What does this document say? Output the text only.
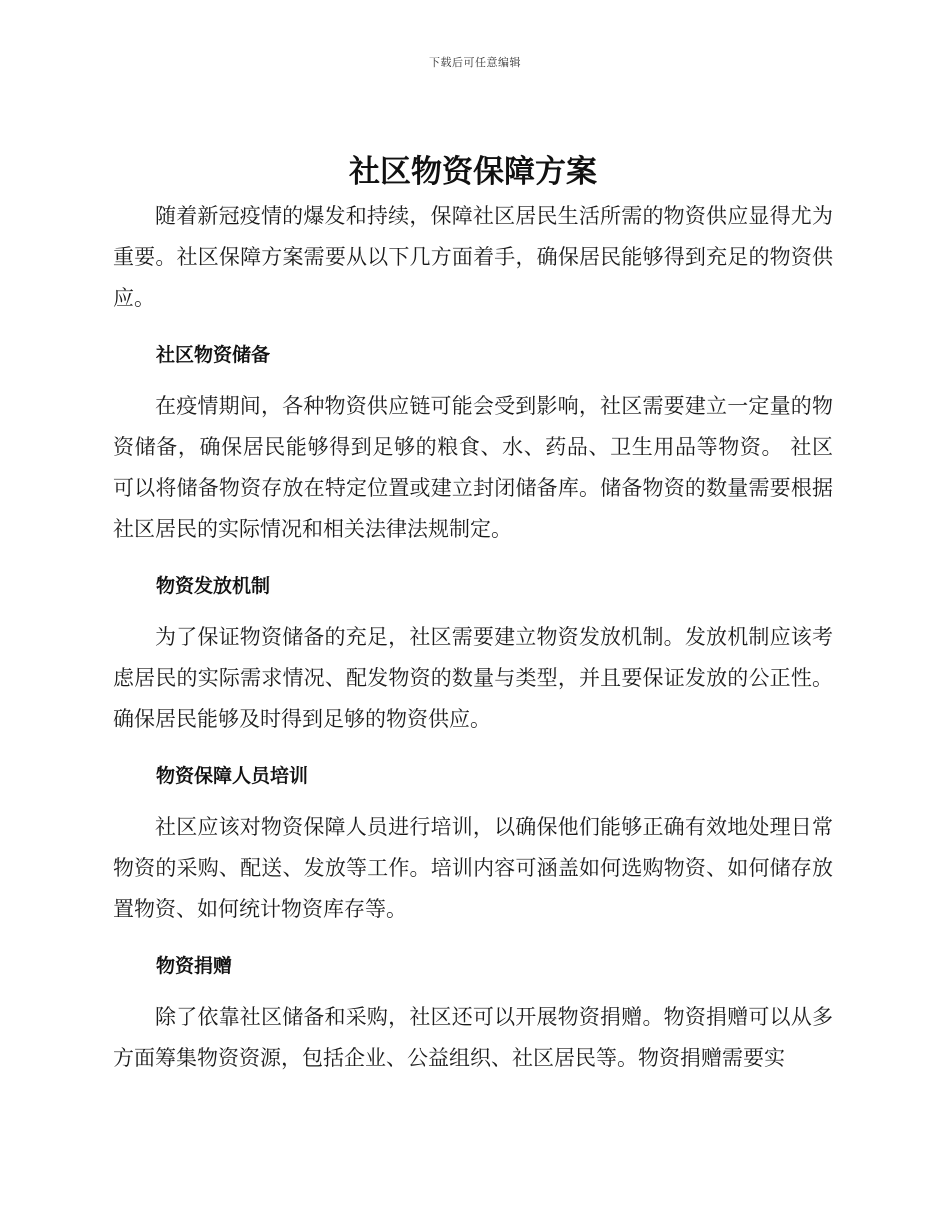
下载后可任意编辑
社区物资保障方案

随着新冠疫情的爆发和持续，保障社区居民生活所需的物资供应显得尤为重要。社区保障方案需要从以下几方面着手，确保居民能够得到充足的物资供应。

社区物资储备

在疫情期间，各种物资供应链可能会受到影响，社区需要建立一定量的物资储备，确保居民能够得到足够的粮食、水、药品、卫生用品等物资。 社区可以将储备物资存放在特定位置或建立封闭储备库。储备物资的数量需要根据社区居民的实际情况和相关法律法规制定。

物资发放机制

为了保证物资储备的充足，社区需要建立物资发放机制。发放机制应该考虑居民的实际需求情况、配发物资的数量与类型，并且要保证发放的公正性。确保居民能够及时得到足够的物资供应。

物资保障人员培训

社区应该对物资保障人员进行培训，以确保他们能够正确有效地处理日常物资的采购、配送、发放等工作。培训内容可涵盖如何选购物资、如何储存放置物资、如何统计物资库存等。

物资捐赠

除了依靠社区储备和采购，社区还可以开展物资捐赠。物资捐赠可以从多方面筹集物资资源，包括企业、公益组织、社区居民等。物资捐赠需要实
